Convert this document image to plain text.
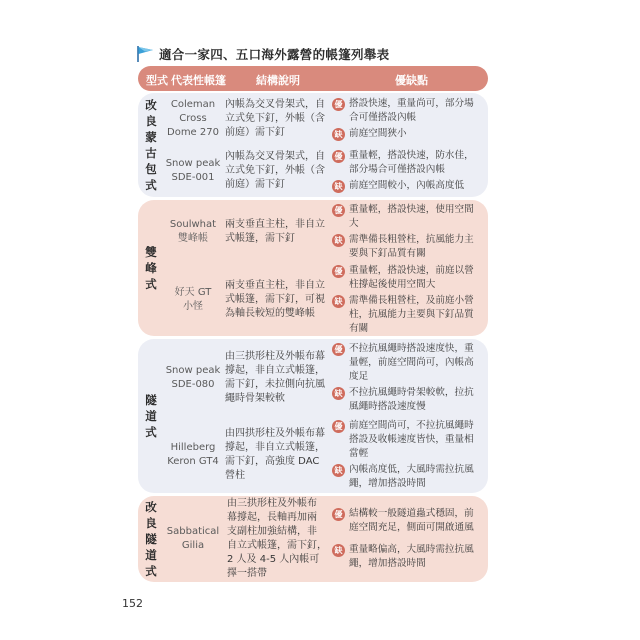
適合一家四、五口海外露營的帳篷列舉表
型式 代表性帳篷	結構說明	優缺點
改
良
蒙
古
包
式
Coleman
Cross
Dome 270
內帳為交叉骨架式，自
立式免下釘，外帳（含
前庭）需下釘
優 搭設快速，重量尚可，部分場
合可僅搭設內帳
缺 前庭空間狹小
Snow peak
SDE-001
內帳為交叉骨架式，自
立式免下釘，外帳（含
前庭）需下釘
優 重量輕，搭設快速，防水佳，
部分場合可僅搭設內帳
缺 前庭空間較小，內帳高度低
雙
峰
式
Soulwhat
雙峰帳
兩支垂直主柱，非自立
式帳篷，需下釘
優 重量輕，搭設快速，使用空間
大
缺 需準備長粗營柱，抗風能力主
要與下釘品質有關
好天 GT
小怪
兩支垂直主柱，非自立
式帳篷，需下釘，可視
為軸長較短的雙峰帳
優 重量輕，搭設快速，前庭以營
柱撐起後使用空間大
缺 需準備長粗營柱，及前庭小營
柱，抗風能力主要與下釘品質
有關
隧
道
式
Snow peak
SDE-080
由三拱形柱及外帳布幕
撐起，非自立式帳篷，
需下釘，未拉側向抗風
繩時骨架較軟
優 不拉抗風繩時搭設速度快，重
量輕，前庭空間尚可，內帳高
度足
缺 不拉抗風繩時骨架較軟，拉抗
風繩時搭設速度慢
Hilleberg
Keron GT4
由四拱形柱及外帳布幕
撐起，非自立式帳篷，
需下釘，高強度 DAC
營柱
優 前庭空間尚可，不拉抗風繩時
搭設及收帳速度皆快，重量相
當輕
缺 內帳高度低，大風時需拉抗風
繩，增加搭設時間
改
良
隧
道
式
Sabbatical
Gilia
由三拱形柱及外帳布
幕撐起，長軸再加兩
支副柱加強結構，非
自立式帳篷，需下釘，
2 人及 4-5 人內帳可
擇一搭帶
優 結構較一般隧道蟲式穩固，前
庭空間充足，側面可開啟通風
缺 重量略偏高，大風時需拉抗風
繩，增加搭設時間
152
